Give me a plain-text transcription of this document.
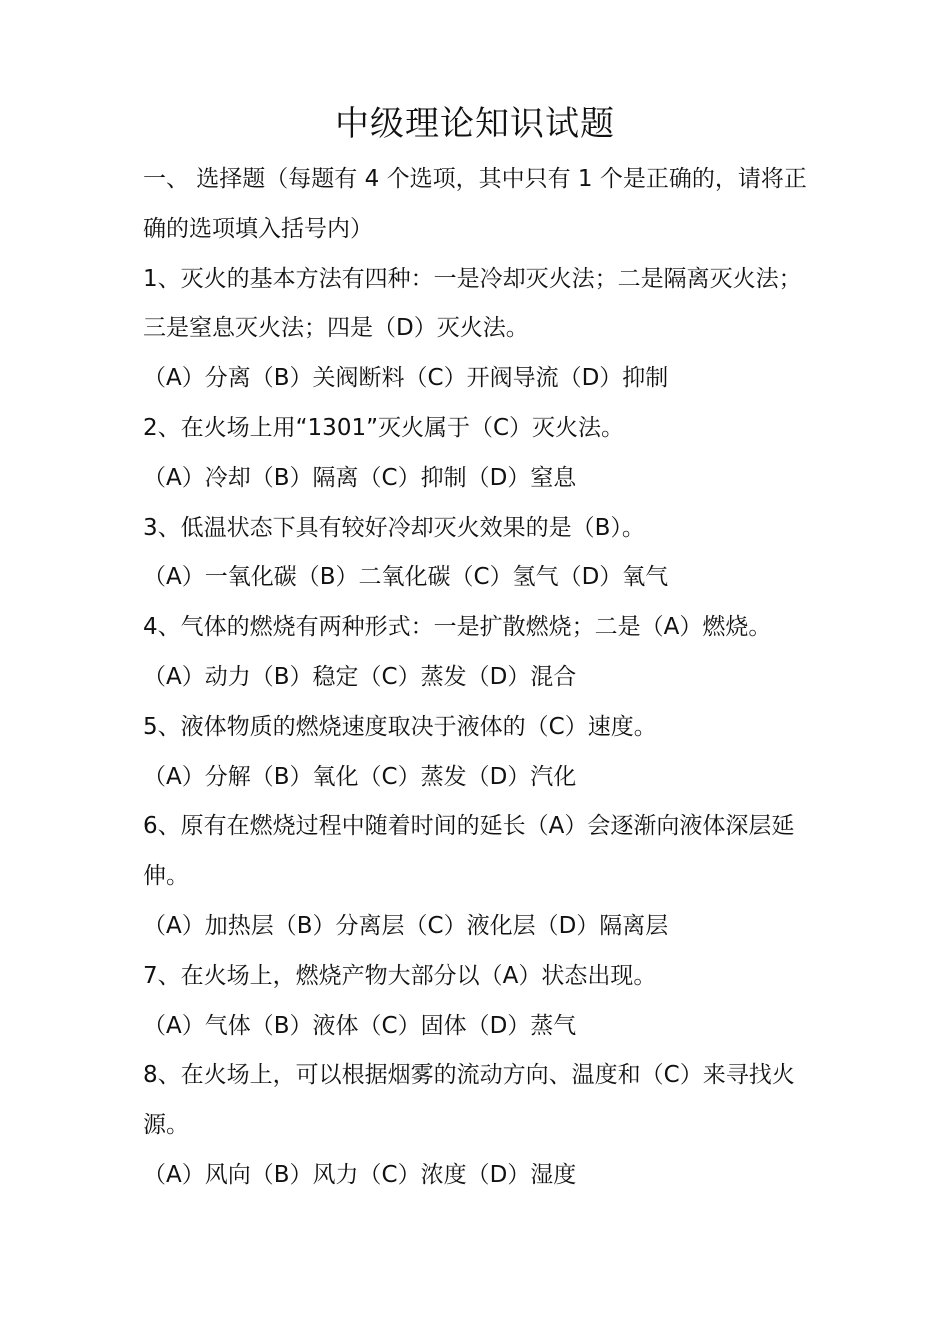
中级理论知识试题
一、 选择题（每题有 4 个选项，其中只有 1 个是正确的，请将正确的选项填入括号内）
1、灭火的基本方法有四种：一是冷却灭火法；二是隔离灭火法；三是窒息灭火法；四是（D）灭火法。
（A）分离（B）关阀断料（C）开阀导流（D）抑制
2、在火场上用“1301”灭火属于（C）灭火法。
（A）冷却（B）隔离（C）抑制（D）窒息
3、低温状态下具有较好冷却灭火效果的是（B）。
（A）一氧化碳（B）二氧化碳（C）氢气（D）氧气
4、气体的燃烧有两种形式：一是扩散燃烧；二是（A）燃烧。
（A）动力（B）稳定（C）蒸发（D）混合
5、液体物质的燃烧速度取决于液体的（C）速度。
（A）分解（B）氧化（C）蒸发（D）汽化
6、原有在燃烧过程中随着时间的延长（A）会逐渐向液体深层延伸。
（A）加热层（B）分离层（C）液化层（D）隔离层
7、在火场上，燃烧产物大部分以（A）状态出现。
（A）气体（B）液体（C）固体（D）蒸气
8、在火场上，可以根据烟雾的流动方向、温度和（C）来寻找火源。
（A）风向（B）风力（C）浓度（D）湿度
